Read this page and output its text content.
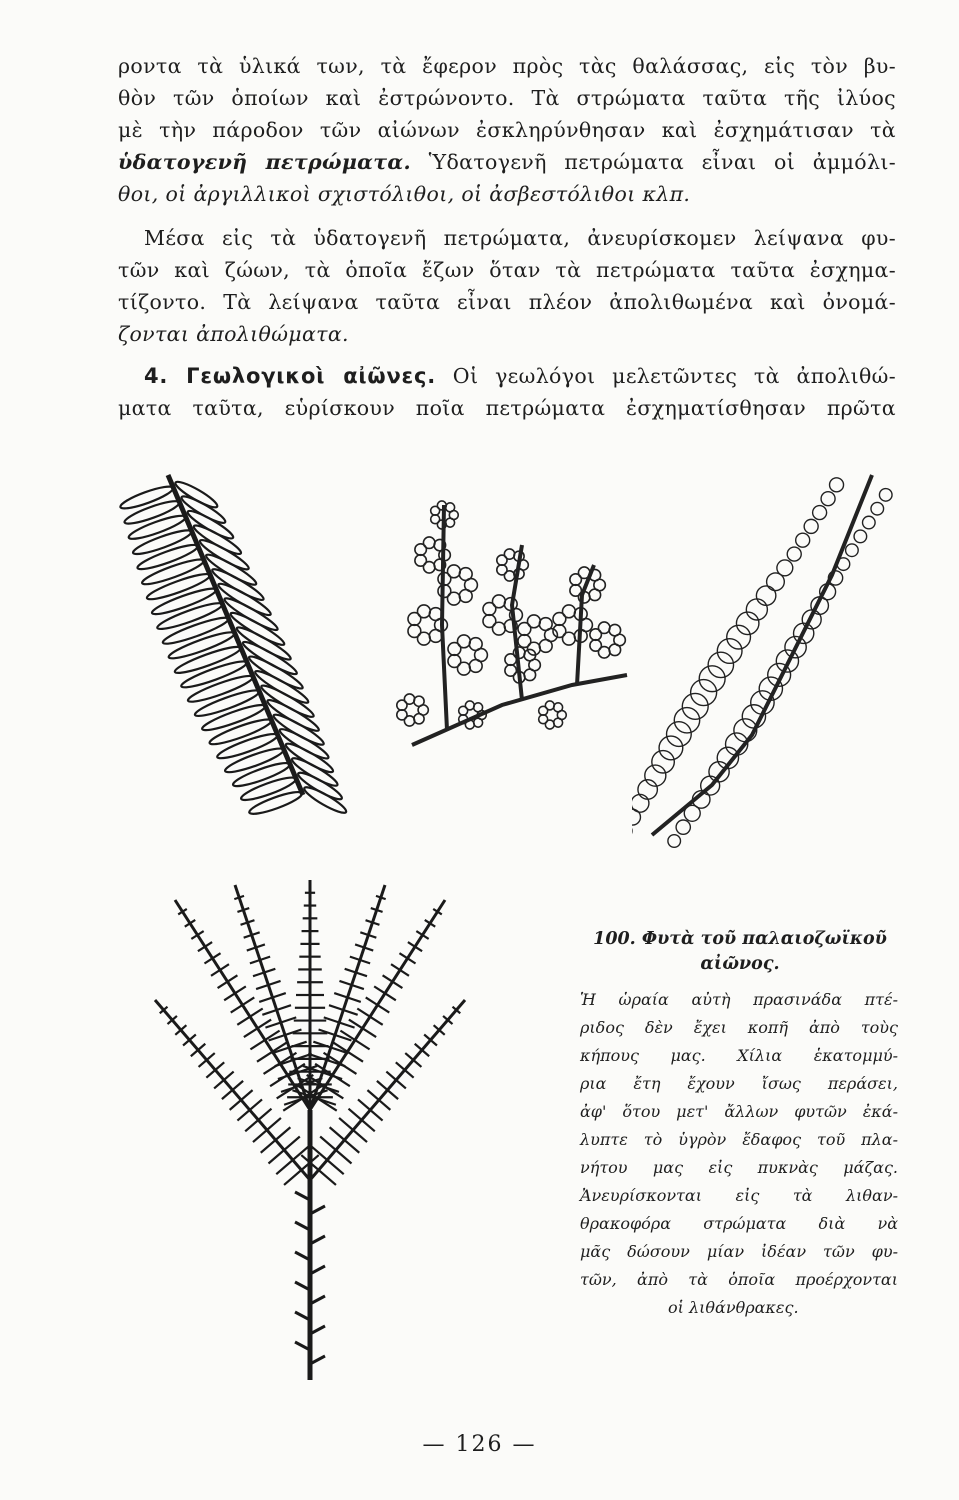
ροντα τὰ ὑλικά των, τὰ ἔφερον πρὸς τὰς θαλάσσας, εἰς τὸν βυ-
θὸν τῶν ὁποίων καὶ ἐστρώνοντο. Τὰ στρώματα ταῦτα τῆς ἰλύος
μὲ τὴν πάροδον τῶν αἰώνων ἐσκληρύνθησαν καὶ ἐσχημάτισαν τὰ
ὑδατογενῆ πετρώματα. Ὑδατογενῆ πετρώματα εἶναι οἱ ἀμμόλι-
θοι, οἱ ἀργιλλικοὶ σχιστόλιθοι, οἱ ἀσβεστόλιθοι κλπ.
Μέσα εἰς τὰ ὑδατογενῆ πετρώματα, ἀνευρίσκομεν λείψανα φυ-
τῶν καὶ ζώων, τὰ ὁποῖα ἔζων ὅταν τὰ πετρώματα ταῦτα ἐσχημα-
τίζοντο. Τὰ λείψανα ταῦτα εἶναι πλέον ἀπολιθωμένα καὶ ὀνομά-
ζονται ἀπολιθώματα.
4. Γεωλογικοὶ αἰῶνες. Οἱ γεωλόγοι μελετῶντες τὰ ἀπολιθώ-
ματα ταῦτα, εὑρίσκουν ποῖα πετρώματα ἐσχηματίσθησαν πρῶτα
100. Φυτὰ τοῦ παλαιοζωϊκοῦ
αἰῶνος.
Ἡ ὡραία αὐτὴ πρασινάδα πτέ-
ριδος δὲν ἔχει κοπῆ ἀπὸ τοὺς
κήπους μας. Χίλια ἑκατομμύ-
ρια ἔτη ἔχουν ἴσως περάσει,
ἀφ' ὅτου μετ' ἄλλων φυτῶν ἐκά-
λυπτε τὸ ὑγρὸν ἔδαφος τοῦ πλα-
νήτου μας εἰς πυκνὰς μάζας.
Ἀνευρίσκονται εἰς τὰ λιθαν-
θρακοφόρα στρώματα διὰ νὰ
μᾶς δώσουν μίαν ἰδέαν τῶν φυ-
τῶν, ἀπὸ τὰ ὁποῖα προέρχονται
οἱ λιθάνθρακες.
— 126 —
